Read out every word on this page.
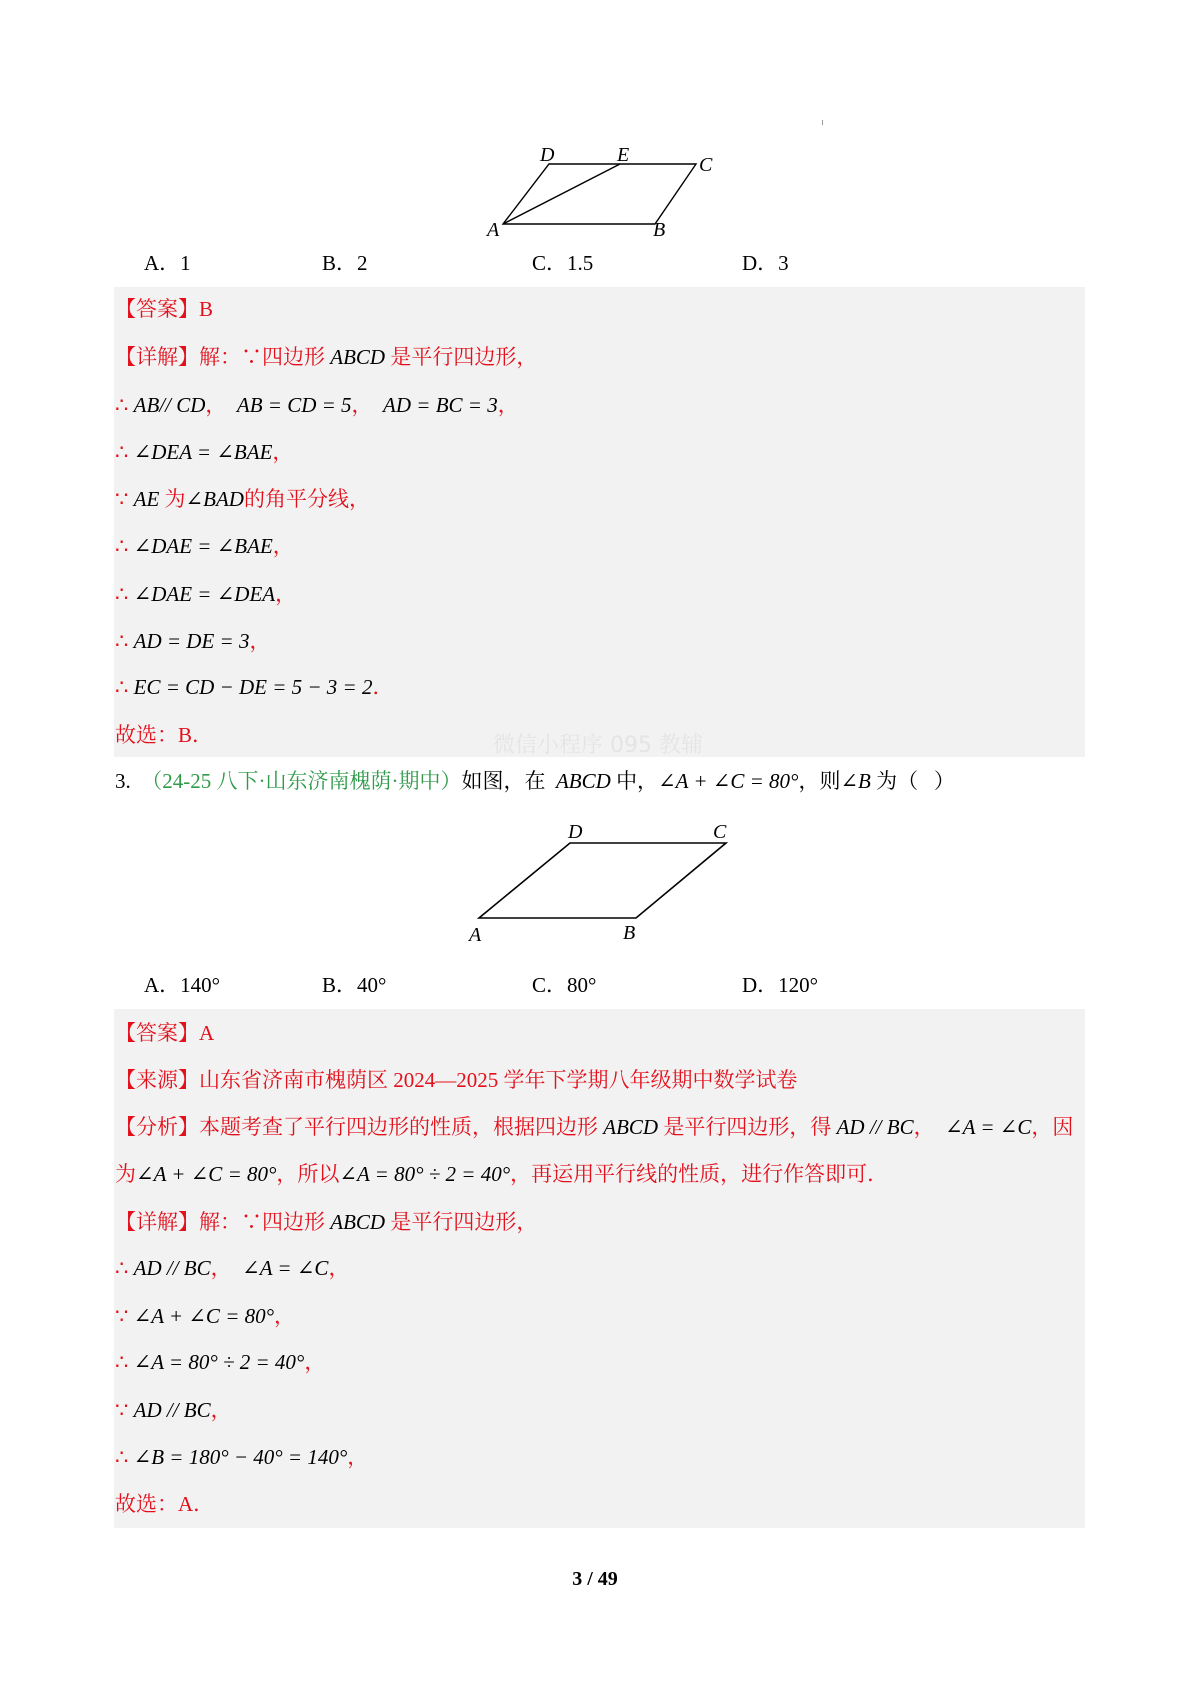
A	B
C
D	E
A	B
C
D
A．1	B．2	C．1.5	D．3
【答案】B
【详解】解：∵四边形 ABCD 是平行四边形，
∴ AB// CD，  AB = CD = 5，  AD = BC = 3，
∴ ∠DEA = ∠BAE，
∵ AE 为∠BAD的角平分线，
∴ ∠DAE = ∠BAE，
∴ ∠DAE = ∠DEA，
∴ AD = DE = 3，
∴ EC = CD − DE = 5 − 3 = 2．
故选：B．	微信小程序 095 教辅
3.  （24-25 八下·山东济南槐荫·期中）如图，在  ABCD 中，∠A + ∠C = 80°，则∠B 为（   ）
A．140°	B．40°	C．80°	D．120°
【答案】A
【来源】山东省济南市槐荫区 2024—2025 学年下学期八年级期中数学试卷
【分析】本题考查了平行四边形的性质，根据四边形 ABCD 是平行四边形，得 AD // BC，  ∠A = ∠C，因
为∠A + ∠C = 80°，所以∠A = 80° ÷ 2 = 40°，再运用平行线的性质，进行作答即可．
【详解】解：∵四边形 ABCD 是平行四边形，
∴ AD // BC，  ∠A = ∠C，
∵ ∠A + ∠C = 80°，
∴ ∠A = 80° ÷ 2 = 40°，
∵ AD // BC，
∴ ∠B = 180° − 40° = 140°，
故选：A．
3 / 49
